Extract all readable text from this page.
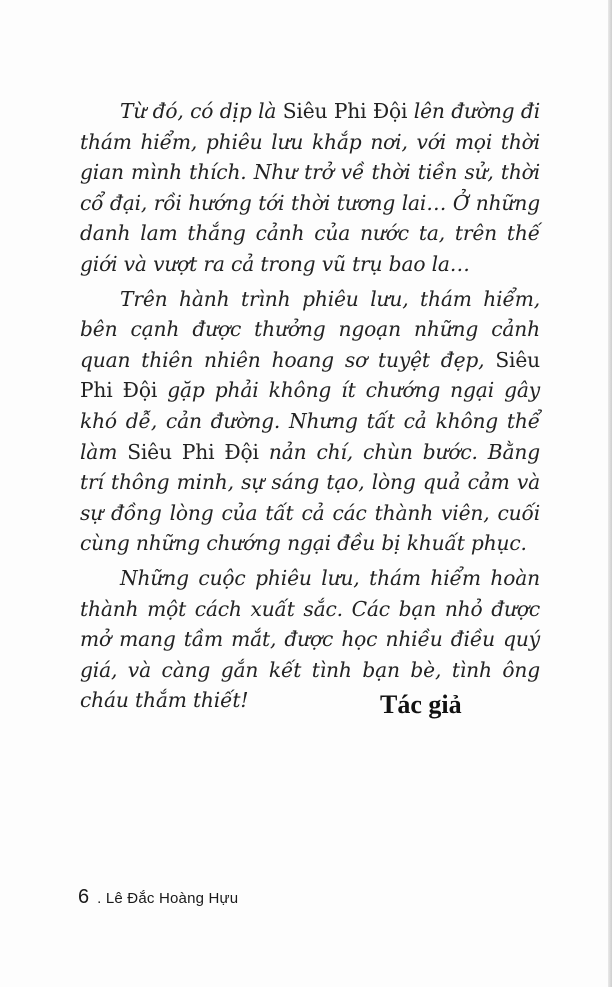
Từ đó, có dịp là Siêu Phi Đội lên đường đi thám hiểm, phiêu lưu khắp nơi, với mọi thời gian mình thích. Như trở về thời tiền sử, thời cổ đại, rồi hướng tới thời tương lai… Ở những danh lam thắng cảnh của nước ta, trên thế giới và vượt ra cả trong vũ trụ bao la…

Trên hành trình phiêu lưu, thám hiểm, bên cạnh được thưởng ngoạn những cảnh quan thiên nhiên hoang sơ tuyệt đẹp, Siêu Phi Đội gặp phải không ít chướng ngại gây khó dễ, cản đường. Nhưng tất cả không thể làm Siêu Phi Đội nản chí, chùn bước. Bằng trí thông minh, sự sáng tạo, lòng quả cảm và sự đồng lòng của tất cả các thành viên, cuối cùng những chướng ngại đều bị khuất phục.

Những cuộc phiêu lưu, thám hiểm hoàn thành một cách xuất sắc. Các bạn nhỏ được mở mang tầm mắt, được học nhiều điều quý giá, và càng gắn kết tình bạn bè, tình ông cháu thắm thiết!	Tác giả
6 . Lê Đắc Hoàng Hựu
